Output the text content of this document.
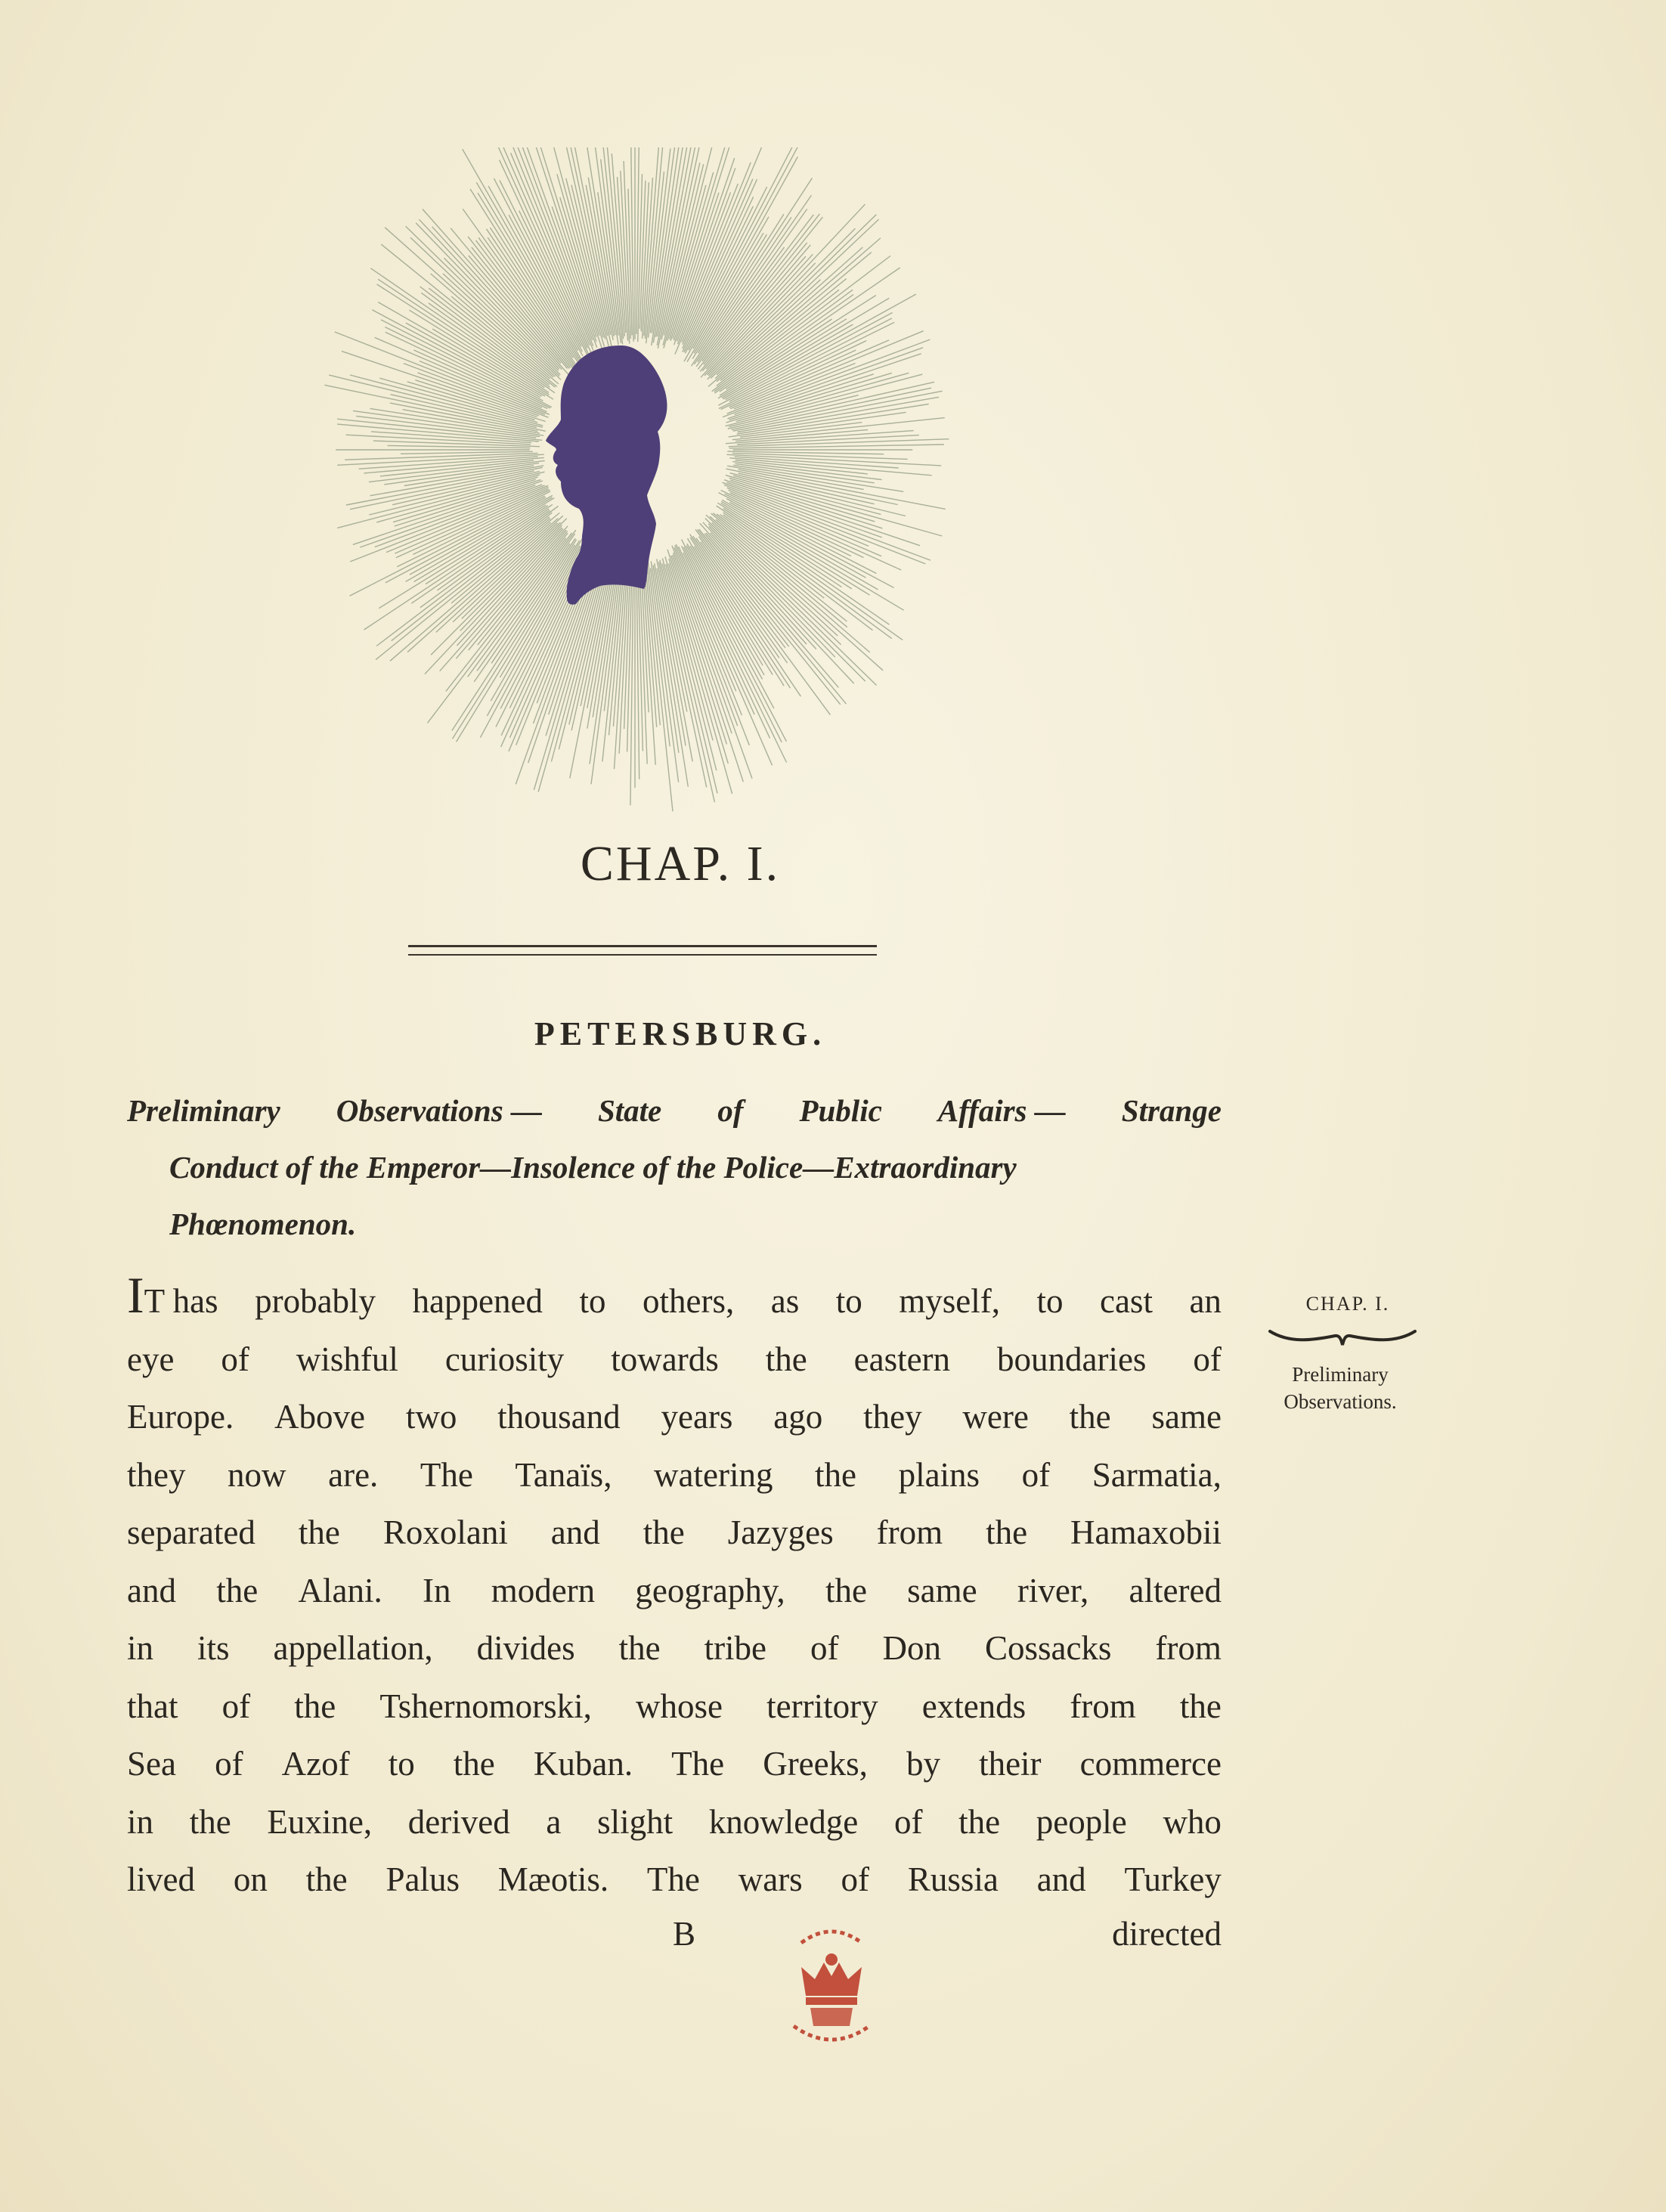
CHAP. I.
PETERSBURG.
Preliminary Observations — State of Public Affairs — Strange
Conduct of the Emperor—Insolence of the Police—Extraordinary
Phœnomenon.
IT has probably happened to others, as to myself, to cast an
eye of wishful curiosity towards the eastern boundaries of
Europe. Above two thousand years ago they were the same
they now are. The Tanaïs, watering the plains of Sarmatia,
separated the Roxolani and the Jazyges from the Hamaxobii
and the Alani. In modern geography, the same river, altered
in its appellation, divides the tribe of Don Cossacks from
that of the Tshernomorski, whose territory extends from the
Sea of Azof to the Kuban. The Greeks, by their commerce
in the Euxine, derived a slight knowledge of the people who
lived on the Palus Mæotis. The wars of Russia and Turkey
B	directed
CHAP. I.
Preliminary
Observations.
